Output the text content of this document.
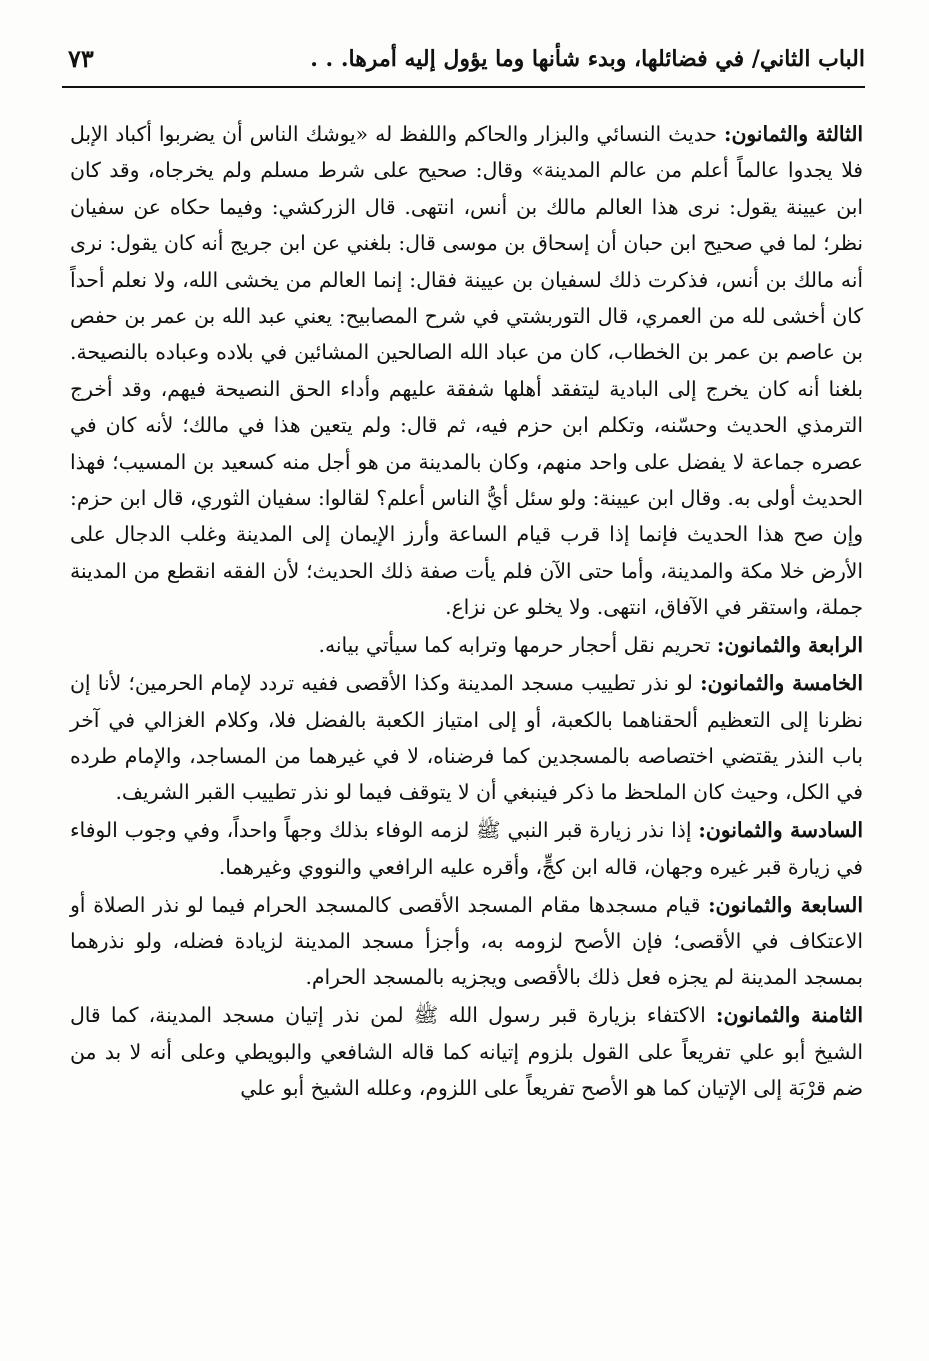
الباب الثاني/ في فضائلها، وبدء شأنها وما يؤول إليه أمرها. . .
٧٣

الثالثة والثمانون: حديث النسائي والبزار والحاكم واللفظ له «يوشك الناس أن يضربوا أكباد الإبل فلا يجدوا عالماً أعلم من عالم المدينة» وقال: صحيح على شرط مسلم ولم يخرجاه، وقد كان ابن عيينة يقول: نرى هذا العالم مالك بن أنس، انتهى. قال الزركشي: وفيما حكاه عن سفيان نظر؛ لما في صحيح ابن حبان أن إسحاق بن موسى قال: بلغني عن ابن جريج أنه كان يقول: نرى أنه مالك بن أنس، فذكرت ذلك لسفيان بن عيينة فقال: إنما العالم من يخشى الله، ولا نعلم أحداً كان أخشى لله من العمري، قال التوربشتي في شرح المصابيح: يعني عبد الله بن عمر بن حفص بن عاصم بن عمر بن الخطاب، كان من عباد الله الصالحين المشائين في بلاده وعباده بالنصيحة. بلغنا أنه كان يخرج إلى البادية ليتفقد أهلها شفقة عليهم وأداء الحق النصيحة فيهم، وقد أخرج الترمذي الحديث وحسّنه، وتكلم ابن حزم فيه، ثم قال: ولم يتعين هذا في مالك؛ لأنه كان في عصره جماعة لا يفضل على واحد منهم، وكان بالمدينة من هو أجل منه كسعيد بن المسيب؛ فهذا الحديث أولى به. وقال ابن عيينة: ولو سئل أيُّ الناس أعلم؟ لقالوا: سفيان الثوري، قال ابن حزم: وإن صح هذا الحديث فإنما إذا قرب قيام الساعة وأرز الإيمان إلى المدينة وغلب الدجال على الأرض خلا مكة والمدينة، وأما حتى الآن فلم يأت صفة ذلك الحديث؛ لأن الفقه انقطع من المدينة جملة، واستقر في الآفاق، انتهى. ولا يخلو عن نزاع.

الرابعة والثمانون: تحريم نقل أحجار حرمها وترابه كما سيأتي بيانه.

الخامسة والثمانون: لو نذر تطييب مسجد المدينة وكذا الأقصى ففيه تردد لإمام الحرمين؛ لأنا إن نظرنا إلى التعظيم ألحقناهما بالكعبة، أو إلى امتياز الكعبة بالفضل فلا، وكلام الغزالي في آخر باب النذر يقتضي اختصاصه بالمسجدين كما فرضناه، لا في غيرهما من المساجد، والإمام طرده في الكل، وحيث كان الملحظ ما ذكر فينبغي أن لا يتوقف فيما لو نذر تطييب القبر الشريف.

السادسة والثمانون: إذا نذر زيارة قبر النبي ﷺ لزمه الوفاء بذلك وجهاً واحداً، وفي وجوب الوفاء في زيارة قبر غيره وجهان، قاله ابن كجٍّ، وأقره عليه الرافعي والنووي وغيرهما.

السابعة والثمانون: قيام مسجدها مقام المسجد الأقصى كالمسجد الحرام فيما لو نذر الصلاة أو الاعتكاف في الأقصى؛ فإن الأصح لزومه به، وأجزأ مسجد المدينة لزيادة فضله، ولو نذرهما بمسجد المدينة لم يجزه فعل ذلك بالأقصى ويجزيه بالمسجد الحرام.

الثامنة والثمانون: الاكتفاء بزيارة قبر رسول الله ﷺ لمن نذر إتيان مسجد المدينة، كما قال الشيخ أبو علي تفريعاً على القول بلزوم إتيانه كما قاله الشافعي والبويطي وعلى أنه لا بد من ضم قرْبَة إلى الإتيان كما هو الأصح تفريعاً على اللزوم، وعلله الشيخ أبو علي
